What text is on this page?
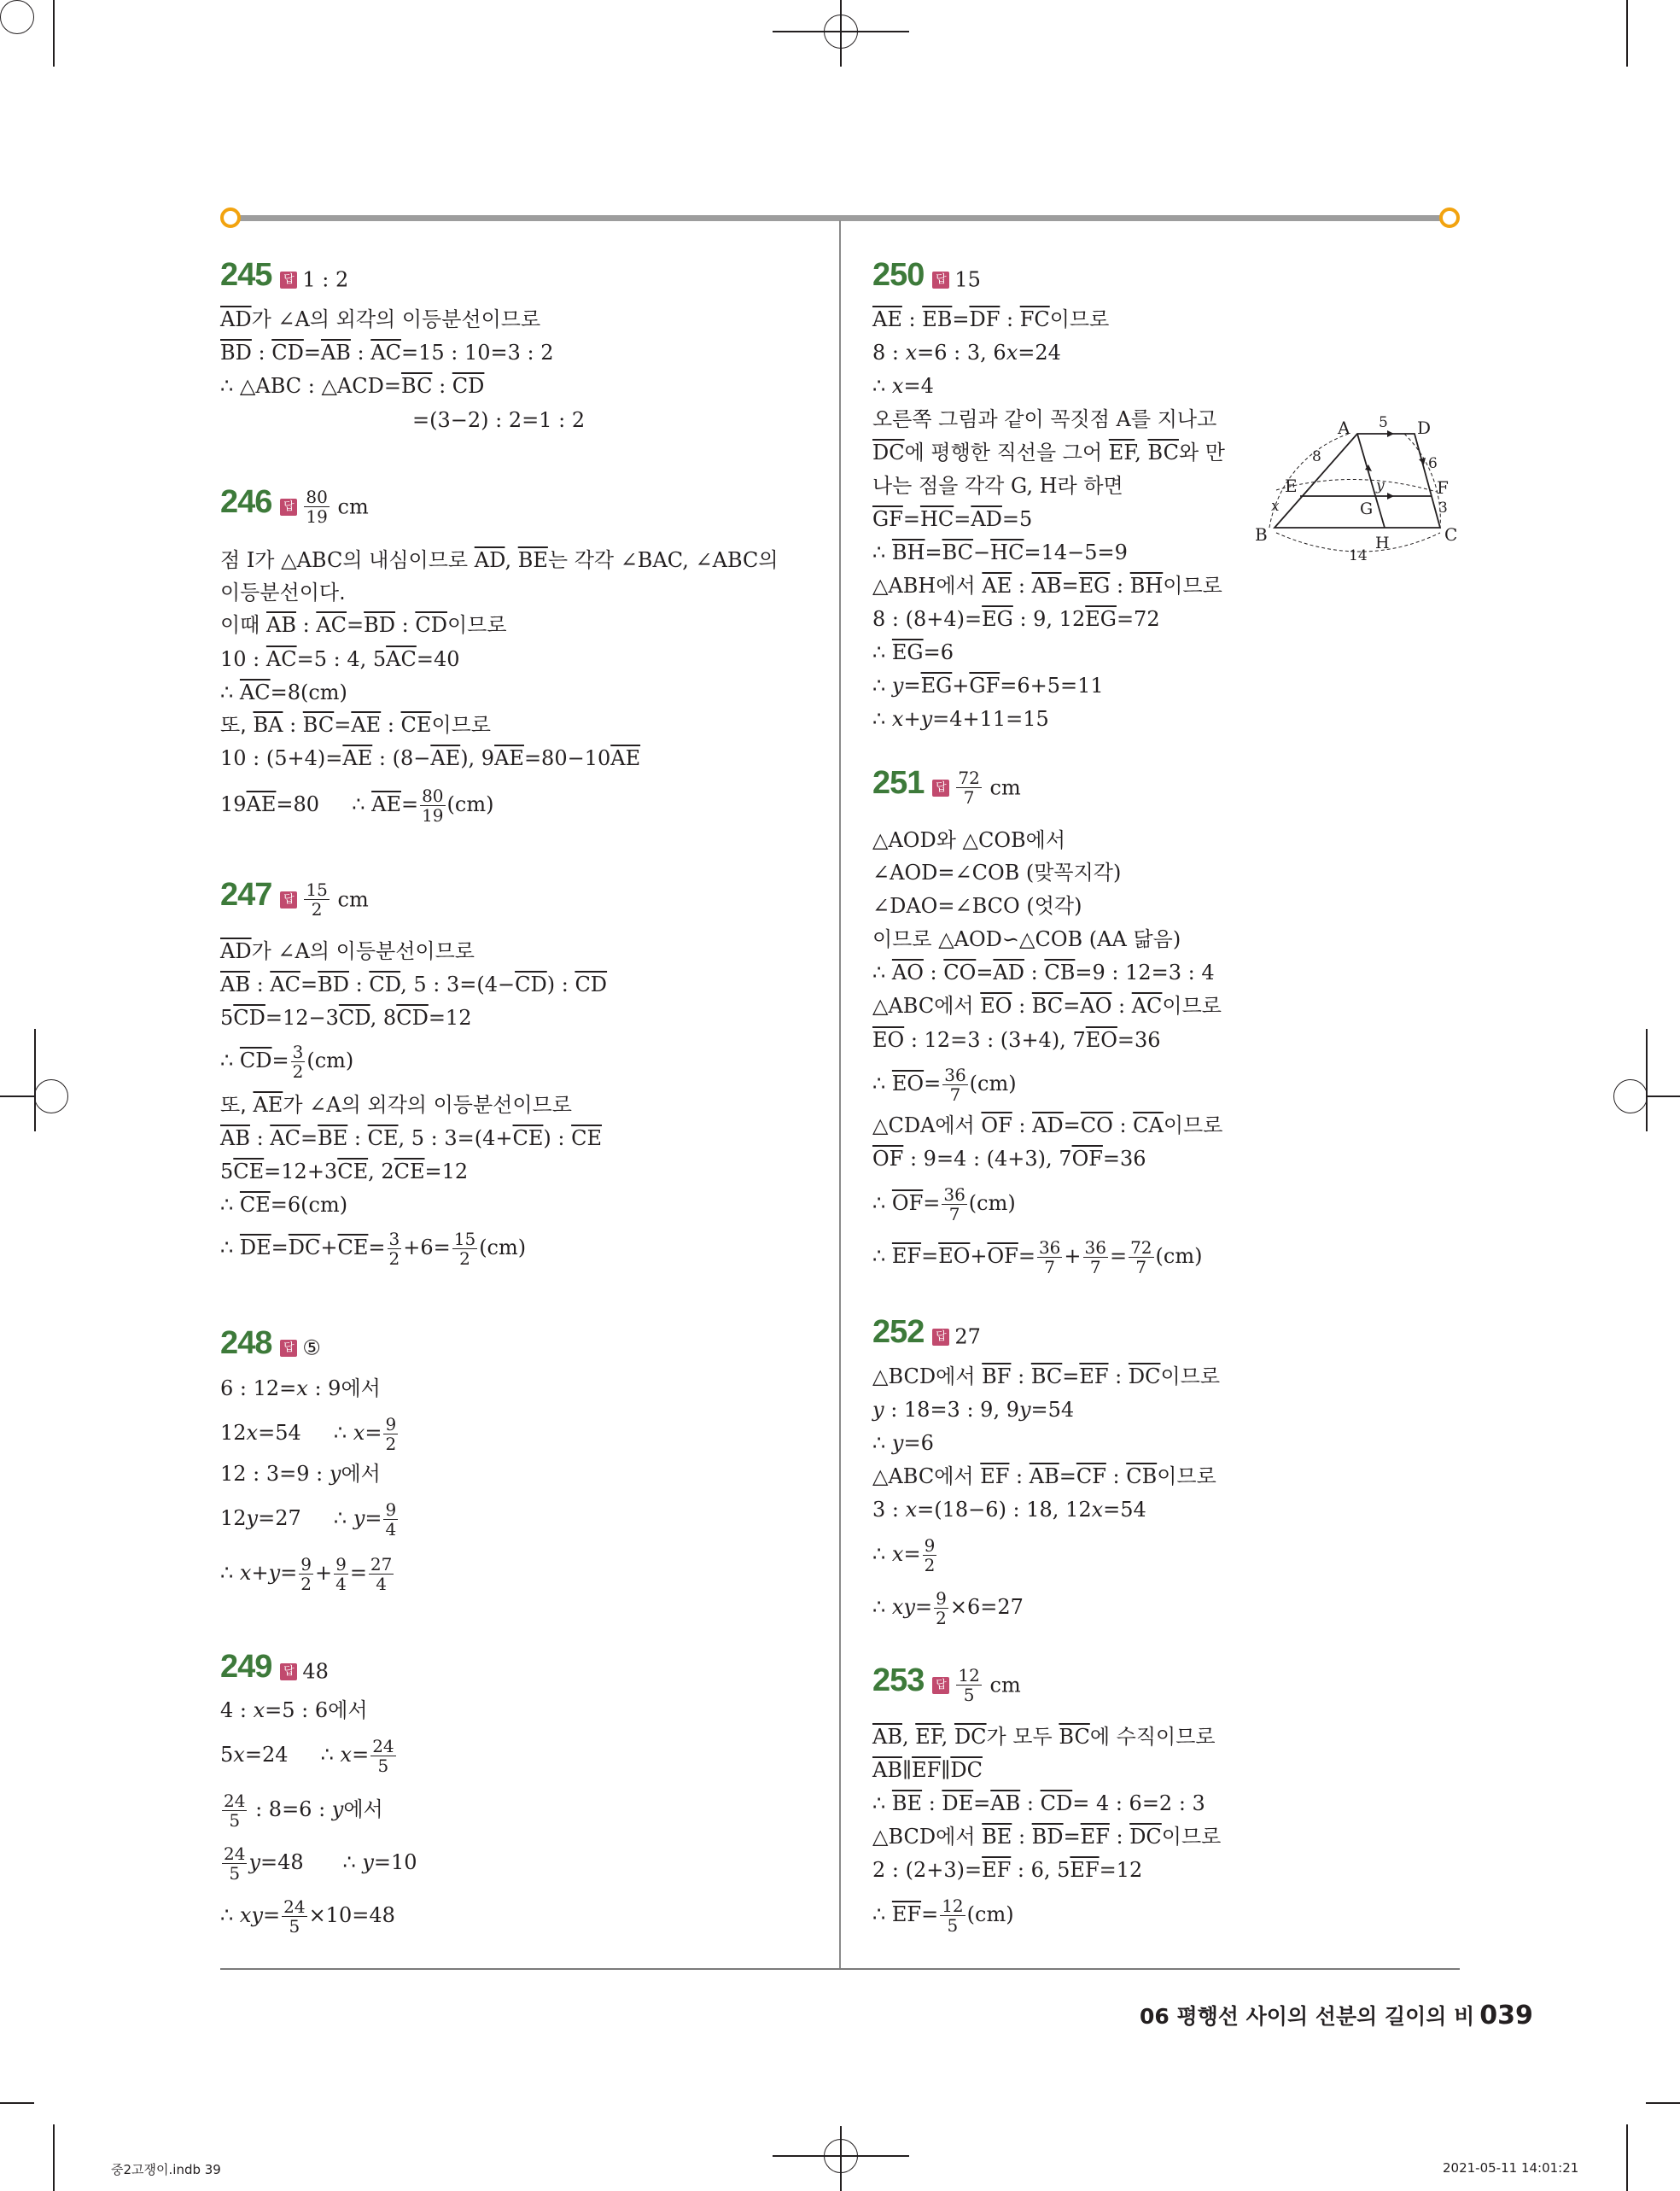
245 답 1 : 2
$\overline{AD}$가 ∠A의 외각의 이등분선이므로
$\overline{BD}$ : $\overline{CD}=\overline{AB}$ : $\overline{AC}=15$ : 10=3 : 2
∴ △ABC : $\triangle ACD=\overline{BC}$ : $\overline{CD}$
=(3−2) : 2=1 : 2
246 답 $\frac{80}{19}$ cm
점 I가 △ABC의 내심이므로 $\overline{AD}$, $\overline{BE}$는 각각 ∠BAC, ∠ABC의
이등분선이다.
이때 $\overline{AB}$ : $\overline{AC}=\overline{BD}$ : $\overline{CD}$이므로
10 : $\overline{AC}=5$ : 4, $5\overline{AC}=40$
∴ $\overline{AC}=8(cm)$
또, $\overline{BA}$ : $\overline{BC}=\overline{AE}$ : $\overline{CE}$이므로
10 : $(5+4)=\overline{AE}$ : $(8-\overline{AE})$, $9\overline{AE}=80-10\overline{AE}$
$19\overline{AE}=80$     ∴ $\overline{AE}= \frac{80}{19} (cm)$
247 답 $\frac{15}{2}$ cm
$\overline{AD}$가 ∠A의 이등분선이므로
$\overline{AB}$ : $\overline{AC}=\overline{BD}$ : $\overline{CD}$, 5 : $3=(4-\overline{CD})$ : $\overline{CD}$
$5\overline{CD}=12-3\overline{CD}$, $8\overline{CD}=12$
∴ $\overline{CD}= \frac{3}{2} (cm)$
또, $\overline{AE}$가 ∠A의 외각의 이등분선이므로
$\overline{AB}$ : $\overline{AC}=\overline{BE}$ : $\overline{CE}$, 5 : $3=(4+\overline{CE})$ : $\overline{CE}$
$5\overline{CE}=12+3\overline{CE}$, $2\overline{CE}=12$
∴ $\overline{CE}=6(cm)$
∴ $\overline{DE}=\overline{DC}+\overline{CE}= \frac{3}{2} +6= \frac{15}{2} (cm)$
248 답 ⑤
6 : 12=x : 9에서
12x=54     ∴ $x= \frac{9}{2}$
12 : 3=9 : y에서
12y=27     ∴ $y= \frac{9}{4}$
∴ $x+y= \frac{9}{2} + \frac{9}{4} = \frac{27}{4}$
249 답 48
4 : x=5 : 6에서
5x=24     ∴ $x= \frac{24}{5}$
$\frac{24}{5}$ : 8=6 : y에서
$\frac{24}{5} y=48$      ∴ y=10
∴ $xy= \frac{24}{5} \times 10=48$
250 답 15
$\overline{AE}$ : $\overline{EB}=\overline{DF}$ : $\overline{FC}$이므로
8 : x=6 : 3, 6x=24
∴ x=4
오른쪽 그림과 같이 꼭짓점 A를 지나고
$\overline{DC}$에 평행한 직선을 그어 $\overline{EF}$, $\overline{BC}$와 만
나는 점을 각각 G, H라 하면
$\overline{GF}=\overline{HC}=\overline{AD}=5$
∴ $\overline{BH}=\overline{BC}-\overline{HC}=14-5=9$
△ABH에서 $\overline{AE}$ : $\overline{AB}=\overline{EG}$ : $\overline{BH}$이므로
8 : $(8+4)=\overline{EG}$ : 9, $12\overline{EG}=72$
∴ $\overline{EG}=6$
∴ $y=\overline{EG}+\overline{GF}=6+5=11$
∴ x+y=4+11=15
A 5 D
8	6
E	y	F
x	G	3
B	H	C
14
251 답 $\frac{72}{7}$ cm
△AOD와 △COB에서
∠AOD=∠COB (맞꼭지각)
∠DAO=∠BCO (엇각)
이므로 △AOD∽△COB (AA 닮음)
∴ $\overline{AO}$ : $\overline{CO}=\overline{AD}$ : $\overline{CB}=9$ : 12=3 : 4
△ABC에서 $\overline{EO}$ : $\overline{BC}=\overline{AO}$ : $\overline{AC}$이므로
$\overline{EO}$ : 12=3 : (3+4), $7\overline{EO}=36$
∴ $\overline{EO}= \frac{36}{7} (cm)$
△CDA에서 $\overline{OF}$ : $\overline{AD}=\overline{CO}$ : $\overline{CA}$이므로
$\overline{OF}$ : 9=4 : (4+3), $7\overline{OF}=36$
∴ $\overline{OF}= \frac{36}{7} (cm)$
∴ $\overline{EF}=\overline{EO}+\overline{OF}= \frac{36}{7} + \frac{36}{7} = \frac{72}{7} (cm)$
252 답 27
△BCD에서 $\overline{BF}$ : $\overline{BC}=\overline{EF}$ : $\overline{DC}$이므로
y : 18=3 : 9, 9y=54
∴ y=6
△ABC에서 $\overline{EF}$ : $\overline{AB}=\overline{CF}$ : $\overline{CB}$이므로
3 : x=(18−6) : 18, 12x=54
∴ $x= \frac{9}{2}$
∴ $xy= \frac{9}{2} \times 6=27$
253 답 $\frac{12}{5}$ cm
$\overline{AB}$, $\overline{EF}$, $\overline{DC}$가 모두 $\overline{BC}$에 수직이므로
$\overline{AB}\parallel\overline{EF}\parallel\overline{DC}$
∴ $\overline{BE}$ : $\overline{DE}=\overline{AB}$ : $\overline{CD}= 4$ : 6=2 : 3
△BCD에서 $\overline{BE}$ : $\overline{BD}=\overline{EF}$ : $\overline{DC}$이므로
2 : $(2+3)=\overline{EF}$ : 6, $5\overline{EF}=12$
∴ $\overline{EF}= \frac{12}{5} (cm)$
06 평행선 사이의 선분의 길이의 비 039
중2고쟁이.indb 39	2021-05-11 14:01:21
